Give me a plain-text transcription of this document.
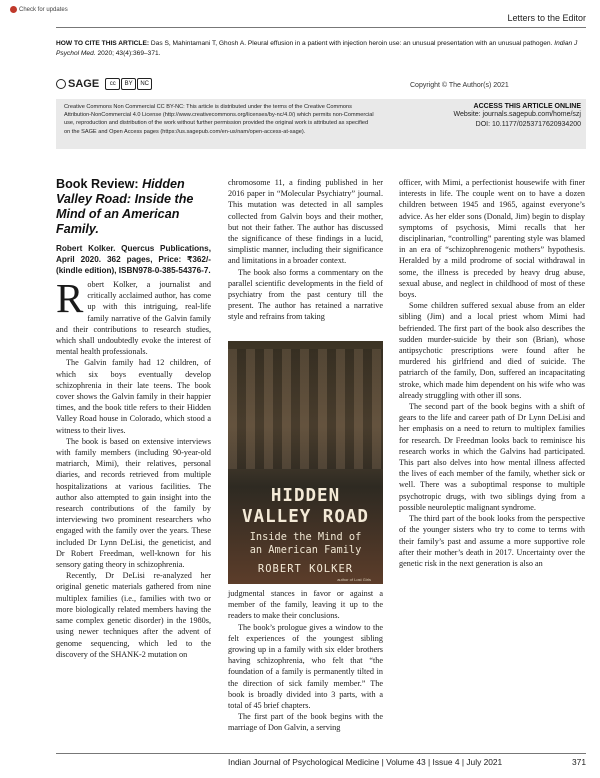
Check for updates
Letters to the Editor
HOW TO CITE THIS ARTICLE: Das S, Mahintamani T, Ghosh A. Pleural effusion in a patient with injection heroin use: an unusual presentation with an unusual pathogen. Indian J Psychol Med. 2020; 43(4):369–371.
SAGE	cc	BY	NC	Copyright © The Author(s) 2021
Creative Commons Non Commercial CC BY-NC: This article is distributed under the terms of the Creative Commons Attribution-NonCommercial 4.0 License (http://www.creativecommons.org/licenses/by-nc/4.0/) which permits non-Commercial use, reproduction and distribution of the work without further permission provided the original work is attributed as specified on the SAGE and Open Access pages (https://us.sagepub.com/en-us/nam/open-access-at-sage).
ACCESS THIS ARTICLE ONLINE
Website: journals.sagepub.com/home/szj
DOI: 10.1177/0253717620934200
Book Review: Hidden Valley Road: Inside the Mind of an American Family.
Robert Kolker. Quercus Publications, April 2020. 362 pages, Price: ₹362/- (kindle edition), ISBN978-0-385-54376-7.

Robert Kolker, a journalist and critically acclaimed author, has come up with this intriguing, real-life family narrative of the Galvin family and their contributions to research studies, which shall undoubtedly evoke the interest of mental health professionals.

The Galvin family had 12 children, of which six boys eventually develop schizophrenia in their late teens. The book cover shows the Galvin family in their happier times, and the book title refers to their Hidden Valley Road house in Colorado, which stood a witness to their lives.

The book is based on extensive interviews with family members (including 90-year-old matriarch, Mimi), their relatives, personal diaries, and records retrieved from multiple hospitalizations at various facilities. The author also attempted to gain insight into the research contributions of the family by interviewing two prominent researchers who engaged with the family over the years. These included Dr Lynn DeLisi, the geneticist, and Dr Robert Freedman, well-known for his sensory gating theory in schizophrenia.

Recently, Dr DeLisi re-analyzed her original genetic materials gathered from nine multiplex families (i.e., families with two or more biologically related members having the same complex genetic disorder) in the 1980s, using newer techniques after the advent of genome sequencing, which led to the discovery of the SHANK-2 mutation on

chromosome 11, a finding published in her 2016 paper in “Molecular Psychiatry” journal. This mutation was detected in all samples collected from Galvin boys and their mother, but not their father. The author has discussed the significance of these findings in a lucid, simplistic manner, including their significance and limitations in a broader context.

The book also forms a commentary on the parallel scientific developments in the field of psychiatry from the past century till the present. The author has retained a narrative style and refrains from taking

HIDDEN
VALLEY ROAD
Inside the Mind of
an American Family
ROBERT KOLKER
author of Lost Girls

judgmental stances in favor or against a member of the family, leaving it up to the readers to make their conclusions.

The book’s prologue gives a window to the felt experiences of the youngest sibling growing up in a family with six elder brothers having schizophrenia, who felt that “the foundation of a family is permanently tilted in the direction of sick family member.” The book is broadly divided into 3 parts, with a total of 45 brief chapters.

The first part of the book begins with the marriage of Don Galvin, a serving

officer, with Mimi, a perfectionist housewife with finer interests in life. The couple went on to have a dozen children between 1945 and 1965, against everyone’s advice. As her elder sons (Donald, Jim) begin to display symptoms of psychosis, Mimi recalls that her disciplinarian, “controlling” parenting style was blamed in an era of “schizophrenogenic mothers” hypothesis. Heralded by a mild prodrome of social withdrawal in some, the illness is preceded by heavy drug abuse, sexual abuse, and neglect in childhood of most of these boys.

Some children suffered sexual abuse from an elder sibling (Jim) and a local priest whom Mimi had befriended. The first part of the book also describes the sudden murder-suicide by their son (Brian), whose antipsychotic prescriptions were found after he murdered his girlfriend and died of suicide. The patriarch of the family, Don, suffered an incapacitating stroke, which made him dependent on his wife who was already struggling with other ill sons.

The second part of the book begins with a shift of gears to the life and career path of Dr Lynn DeLisi and her emphasis on a need to return to multiplex families for research. Dr Freedman looks back to reminisce his research works in which the Galvins had participated. This part also delves into how mental illness affected the lives of each member of the family, whether sick or well. There was a suboptimal response to multiple psychotropic drugs, with two siblings dying from a possible neuroleptic malignant syndrome.

The third part of the book looks from the perspective of the younger sisters who try to come to terms with their family’s past and assume a more supportive role after their mother’s death in 2017. Uncertainty over the genetic risk in the next generation is also an

Indian Journal of Psychological Medicine | Volume 43 | Issue 4 | July 2021	371
